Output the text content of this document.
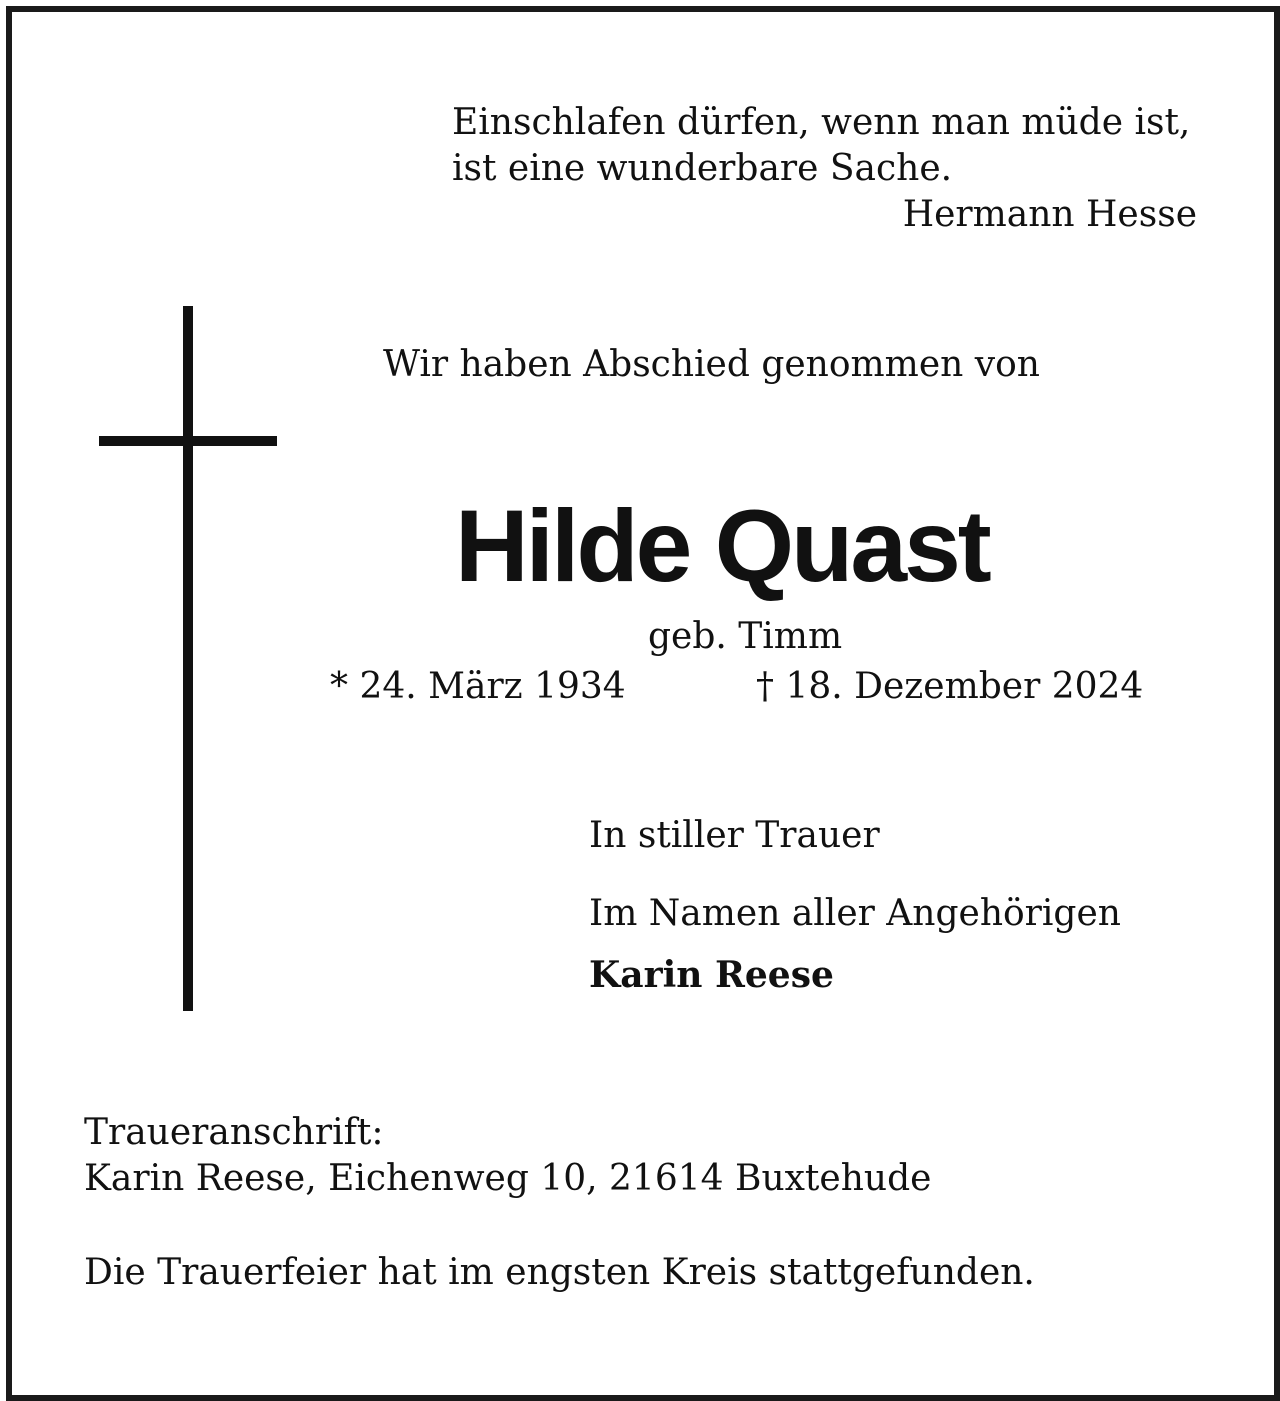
Einschlafen dürfen, wenn man müde ist,
ist eine wunderbare Sache.
Hermann Hesse
Wir haben Abschied genommen von
Hilde Quast
geb. Timm
* 24. März 1934	† 18. Dezember 2024
In stiller Trauer
Im Namen aller Angehörigen
Karin Reese
Traueranschrift:
Karin Reese, Eichenweg 10, 21614 Buxtehude
Die Trauerfeier hat im engsten Kreis stattgefunden.
